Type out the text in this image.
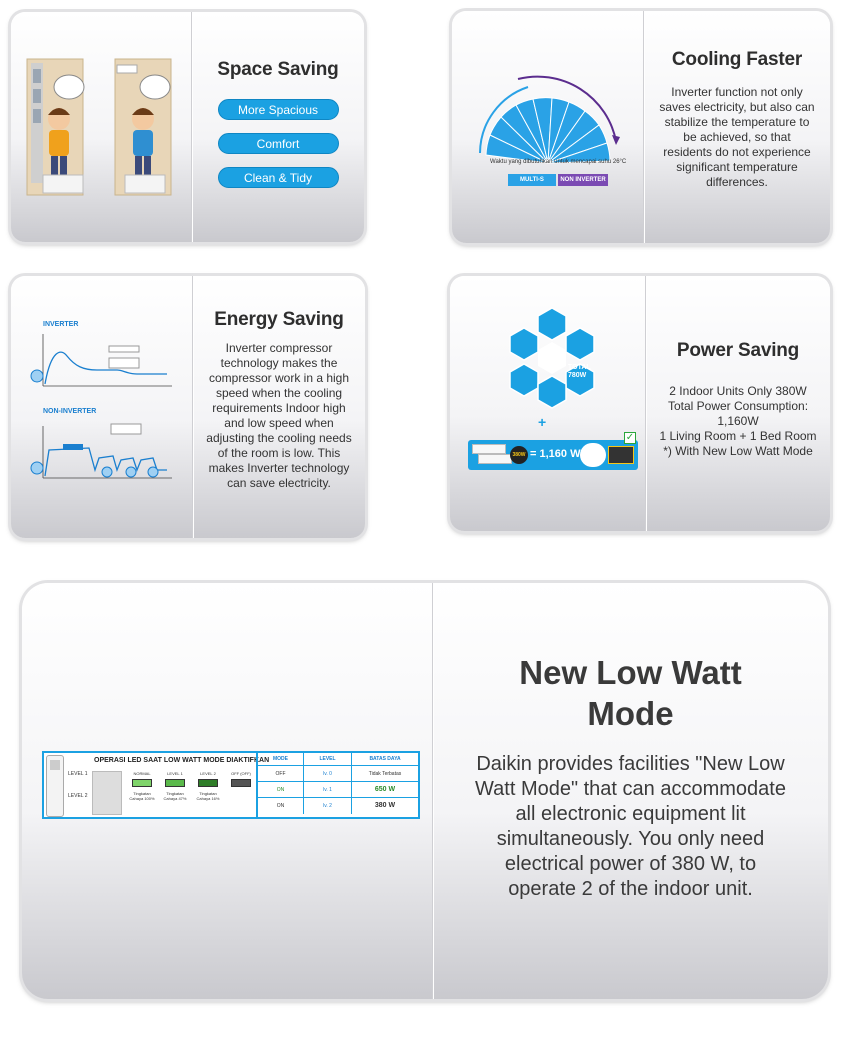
Space Saving
More Spacious
Comfort
Clean & Tidy
Waktu yang dibutuhkan untuk mencapai suhu 26°C
MULTI-S	NON INVERTER
Cooling Faster
Inverter function not only saves electricity, but also can stabilize the temperature to be achieved, so that residents do not experience significant temperature differences.
INVERTER
NON-INVERTER
Energy Saving
Inverter compressor technology makes the compressor work in a high speed when the cooling requirements Indoor high and low speed when adjusting the cooling needs of the room is low. This makes Inverter technology can save electricity.
TOTAL
780W
+
380W = 1,160 W
✓
Power Saving
2 Indoor Units Only 380W
Total Power Consumption:
1,160W
1 Living Room + 1 Bed Room
*) With New Low Watt Mode
LEVEL 1
LEVEL 2
OPERASI LED SAAT LOW WATT MODE DIAKTIFKAN
NORMAL	LEVEL 1	LEVEL 2	OFF (OFF)
Tingkatan Cahaya 100%
Tingkatan Cahaya 47%
Tingkatan Cahaya 16%
MODE	LEVEL	BATAS DAYA
OFF	lv. 0	Tidak Terbatas
ON	lv. 1	650 W
ON	lv. 2	380 W
New Low Watt Mode
Daikin provides facilities "New Low Watt Mode" that can accommodate all electronic equipment lit simultaneously. You only need electrical power of 380 W, to operate 2 of the indoor unit.
